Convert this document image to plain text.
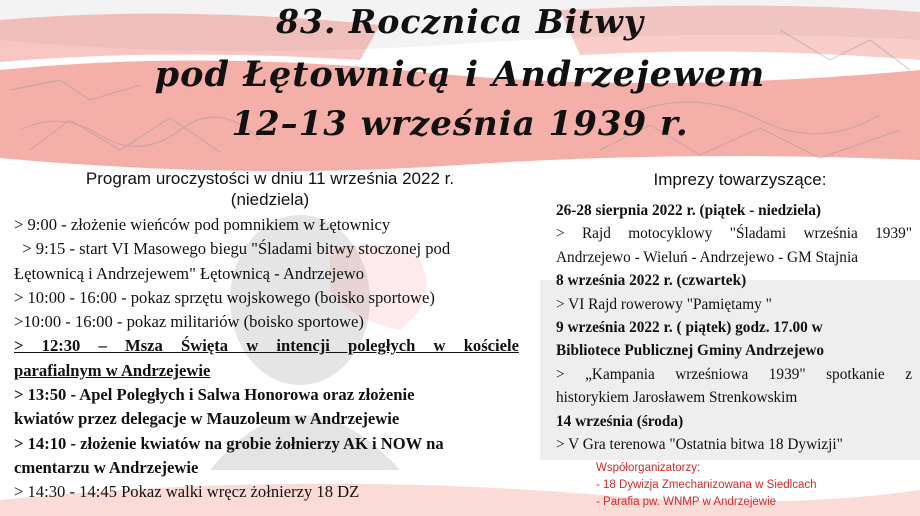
83. Rocznica Bitwy
pod Łętownicą i Andrzejewem
12–13 września 1939 r.
Program uroczystości w dniu 11 września 2022 r.
(niedziela)
Imprezy towarzyszące:
> 9:00 - złożenie wieńców pod pomnikiem w Łętownicy
> 9:15 - start VI Masowego biegu "Śladami bitwy stoczonej pod
Łętownicą i Andrzejewem" Łętownicą - Andrzejewo
> 10:00 - 16:00 - pokaz sprzętu wojskowego (boisko sportowe)
>10:00 - 16:00 - pokaz militariów (boisko sportowe)
> 12:30 – Msza Święta w intencji poległych w kościele
parafialnym w Andrzejewie
> 13:50 - Apel Poległych i Salwa Honorowa oraz złożenie
kwiatów przez delegacje w Mauzoleum w Andrzejewie
> 14:10 - złożenie kwiatów na grobie żołnierzy AK i NOW na
cmentarzu w Andrzejewie
> 14:30 - 14:45 Pokaz walki wręcz żołnierzy 18 DZ
26-28 sierpnia 2022 r. (piątek - niedziela)
> Rajd motocyklowy "Śladami września 1939"
Andrzejewo - Wieluń - Andrzejewo - GM Stajnia
8 września 2022 r. (czwartek)
> VI Rajd rowerowy "Pamiętamy "
9 września 2022 r. ( piątek) godz. 17.00 w
Bibliotece Publicznej Gminy Andrzejewo
> „Kampania wrześniowa 1939" spotkanie z
historykiem Jarosławem Strenkowskim
14 września (środa)
> V Gra terenowa "Ostatnia bitwa 18 Dywizji"
Współorganizatorzy:
- 18 Dywizja Zmechanizowana w Siedlcach
- Parafia pw. WNMP w Andrzejewie
